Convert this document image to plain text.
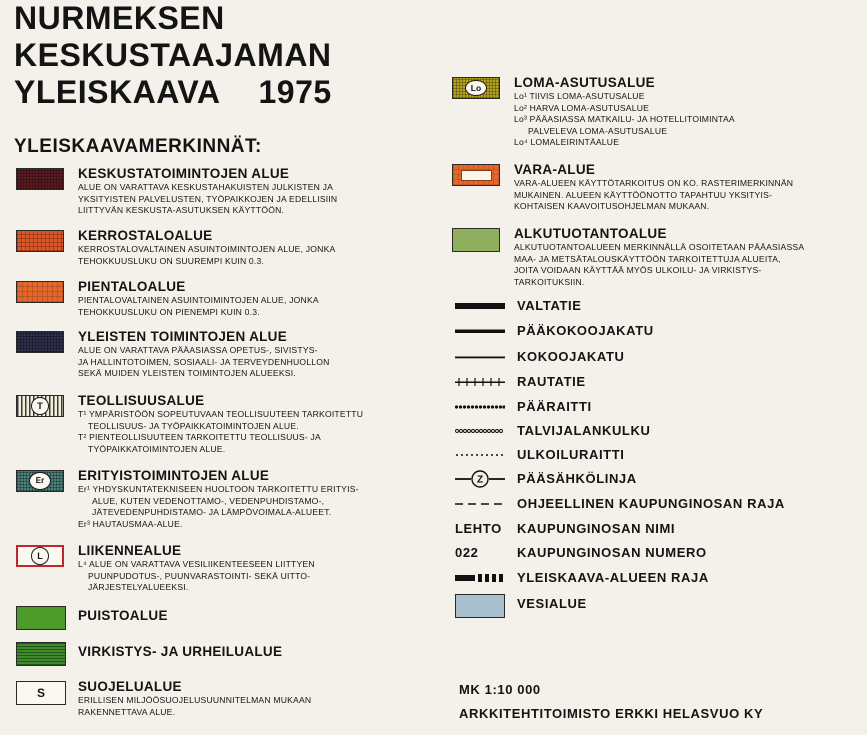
NURMEKSEN
KESKUSTAAJAMAN
YLEISKAAVA 1975
YLEISKAAVAMERKINNÄT:
KESKUSTATOIMINTOJEN ALUE
ALUE ON VARATTAVA KESKUSTAHAKUISTEN JULKISTEN JA
YKSITYISTEN PALVELUSTEN, TYÖPAIKKOJEN JA EDELLISIIN
LIITTYVÄN KESKUSTA-ASUTUKSEN KÄYTTÖÖN.
KERROSTALOALUE
KERROSTALOVALTAINEN ASUINTOIMINTOJEN ALUE, JONKA
TEHOKKUUSLUKU ON SUUREMPI KUIN 0.3.
PIENTALOALUE
PIENTALOVALTAINEN ASUINTOIMINTOJEN ALUE, JONKA
TEHOKKUUSLUKU ON PIENEMPI KUIN 0.3.
YLEISTEN TOIMINTOJEN ALUE
ALUE ON VARATTAVA PÄÄASIASSA OPETUS-, SIVISTYS-
JA HALLINTOTOIMEN, SOSIAALI- JA TERVEYDENHUOLLON
SEKÄ MUIDEN YLEISTEN TOIMINTOJEN ALUEEKSI.
T	TEOLLISUUSALUE
T¹ YMPÄRISTÖÖN SOPEUTUVAAN TEOLLISUUTEEN TARKOITETTU
TEOLLISUUS- JA TYÖPAIKKATOIMINTOJEN ALUE.
T² PIENTEOLLISUUTEEN TARKOITETTU TEOLLISUUS- JA
TYÖPAIKKATOIMINTOJEN ALUE.
Er	ERITYISTOIMINTOJEN ALUE
Er¹ YHDYSKUNTATEKNISEEN HUOLTOON TARKOITETTU ERITYIS-
ALUE, KUTEN VEDENOTTAMO-, VEDENPUHDISTAMO-,
JÄTEVEDENPUHDISTAMO- JA LÄMPÖVOIMALA-ALUEET.
Er³ HAUTAUSMAA-ALUE.
L	LIIKENNEALUE
L⁴ ALUE ON VARATTAVA VESILIIKENTEESEEN LIITTYEN
PUUNPUDOTUS-, PUUNVARASTOINTI- SEKÄ UITTO-
JÄRJESTELYALUEEKSI.
PUISTOALUE
VIRKISTYS- JA URHEILUALUE
S SUOJELUALUE
ERILLISEN MILJÖÖSUOJELUSUUNNITELMAN MUKAAN
RAKENNETTAVA ALUE.
Lo	LOMA-ASUTUSALUE
Lo¹ TIIVIS LOMA-ASUTUSALUE
Lo² HARVA LOMA-ASUTUSALUE
Lo³ PÄÄASIASSA MATKAILU- JA HOTELLITOIMINTAA
PALVELEVA LOMA-ASUTUSALUE
Lo⁴ LOMALEIRINTÄALUE
VARA-ALUE
VARA-ALUEEN KÄYTTÖTARKOITUS ON KO. RASTERIMERKINNÄN
MUKAINEN. ALUEEN KÄYTTÖÖNOTTO TAPAHTUU YKSITYIS-
KOHTAISEN KAAVOITUSOHJELMAN MUKAAN.
ALKUTUOTANTOALUE
ALKUTUOTANTOALUEEN MERKINNÄLLÄ OSOITETAAN PÄÄASIASSA
MAA- JA METSÄTALOUSKÄYTTÖÖN TARKOITETTUJA ALUEITA,
JOITA VOIDAAN KÄYTTÄÄ MYÖS ULKOILU- JA VIRKISTYS-
TARKOITUKSIIN.
VALTATIE
PÄÄKOKOOJAKATU
KOKOOJAKATU
RAUTATIE
PÄÄRAITTI
TALVIJALANKULKU
ULKOILURAITTI
Z	PÄÄSÄHKÖLINJA
OHJEELLINEN KAUPUNGINOSAN RAJA
LEHTO KAUPUNGINOSAN NIMI
022	KAUPUNGINOSAN NUMERO
YLEISKAAVA-ALUEEN RAJA
VESIALUE
MK 1:10 000
ARKKITEHTITOIMISTO ERKKI HELASVUO KY
